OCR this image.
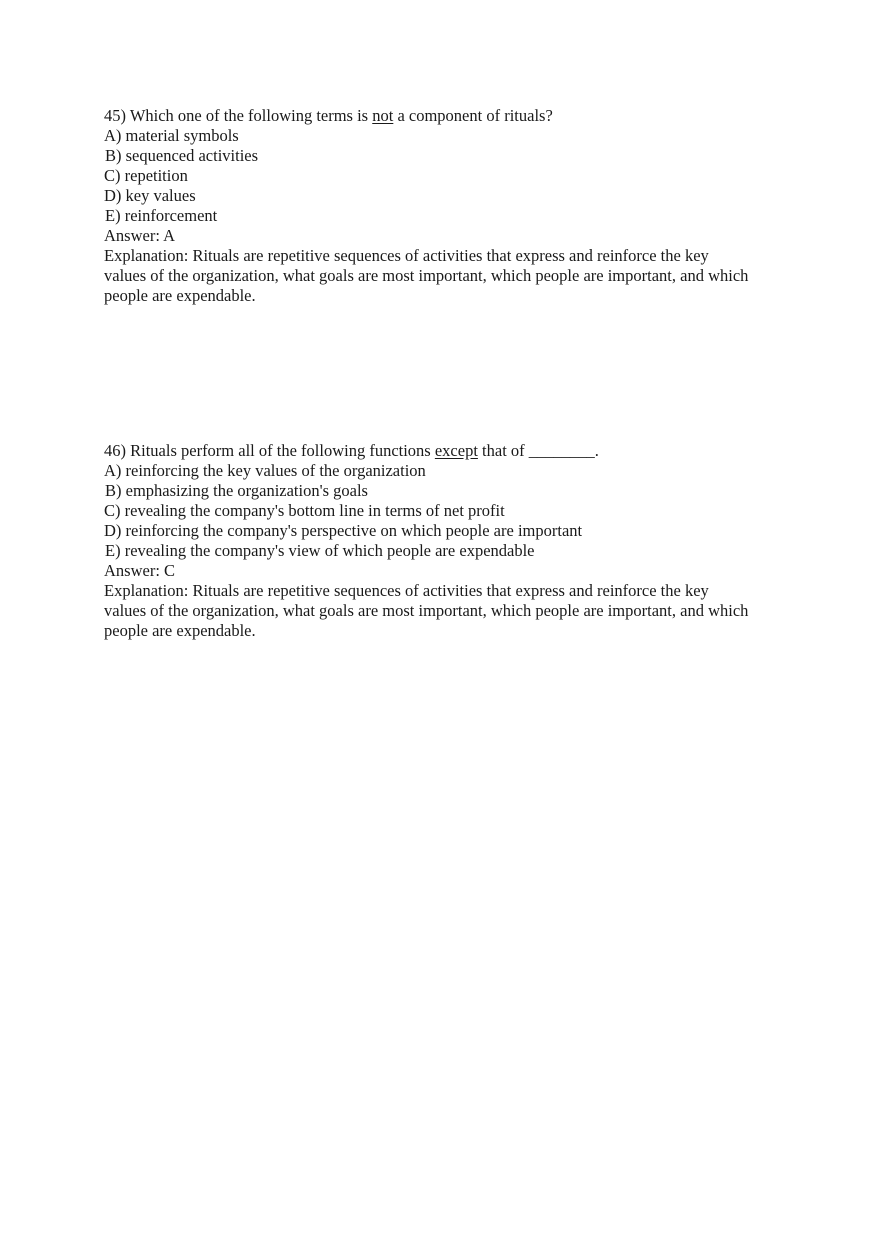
45) Which one of the following terms is not a component of rituals?
A) material symbols
B) sequenced activities
C) repetition
D) key values
E) reinforcement
Answer: A
Explanation: Rituals are repetitive sequences of activities that express and reinforce the key values of the organization, what goals are most important, which people are important, and which people are expendable.
46) Rituals perform all of the following functions except that of ________.
A) reinforcing the key values of the organization
B) emphasizing the organization's goals
C) revealing the company's bottom line in terms of net profit
D) reinforcing the company's perspective on which people are important
E) revealing the company's view of which people are expendable
Answer: C
Explanation: Rituals are repetitive sequences of activities that express and reinforce the key values of the organization, what goals are most important, which people are important, and which people are expendable.
